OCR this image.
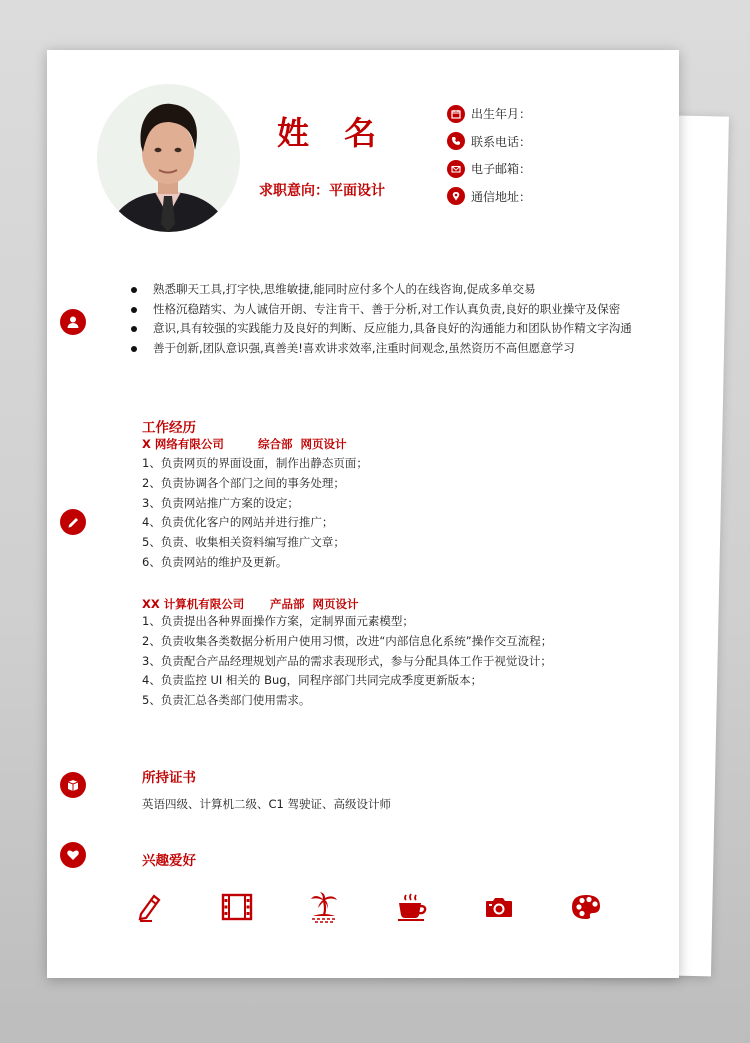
姓 名
求职意向：平面设计
出生年月：
联系电话：
电子邮箱：
通信地址：
熟悉聊天工具,打字快,思维敏捷,能同时应付多个人的在线咨询,促成多单交易
性格沉稳踏实、为人诚信开朗、专注肯干、善于分析,对工作认真负责,良好的职业操守及保密
意识,具有较强的实践能力及良好的判断、反应能力,具备良好的沟通能力和团队协作精文字沟通
善于创新,团队意识强,真善美!喜欢讲求效率,注重时间观念,虽然资历不高但愿意学习
工作经历
X 网络有限公司	综合部 网页设计
1、负责网页的界面设面，制作出静态页面；
2、负责协调各个部门之间的事务处理；
3、负责网站推广方案的设定；
4、负责优化客户的网站并进行推广；
5、负责、收集相关资料编写推广文章；
6、负责网站的维护及更新。
XX 计算机有限公司 产品部 网页设计
1、负责提出各种界面操作方案，定制界面元素模型；
2、负责收集各类数据分析用户使用习惯，改进“内部信息化系统”操作交互流程；
3、负责配合产品经理规划产品的需求表现形式，参与分配具体工作于视觉设计；
4、负责监控 UI 相关的 Bug，同程序部门共同完成季度更新版本；
5、负责汇总各类部门使用需求。
所持证书
英语四级、计算机二级、C1 驾驶证、高级设计师
兴趣爱好
